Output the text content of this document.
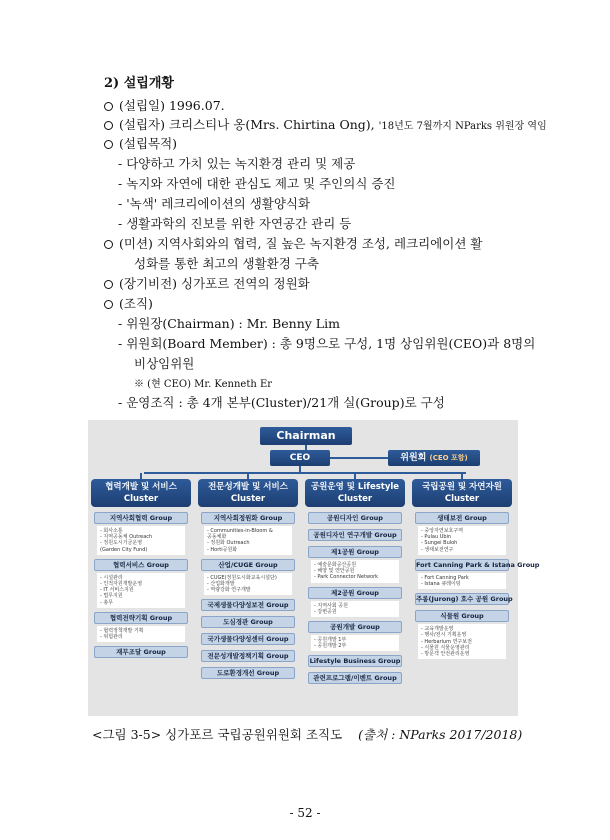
2) 설립개황
(설립일) 1996.07.
(설립자) 크리스티나 옹(Mrs. Chirtina Ong), '18년도 7월까지 NParks 위원장 역임
(설립목적)
- 다양하고 가치 있는 녹지환경 관리 및 제공
- 녹지와 자연에 대한 관심도 제고 및 주인의식 증진
- '녹색' 레크리에이션의 생활양식화
- 생활과학의 진보를 위한 자연공간 관리 등
(미션) 지역사회와의 협력, 질 높은 녹지환경 조성, 레크리에이션 활
성화를 통한 최고의 생활환경 구축
(장기비전) 싱가포르 전역의 정원화
(조직)
- 위원장(Chairman) : Mr. Benny Lim
- 위원회(Board Member) : 총 9명으로 구성, 1명 상임위원(CEO)과 8명의
비상임위원
※ (현 CEO) Mr. Kenneth Er
- 운영조직 : 총 4개 본부(Cluster)/21개 실(Group)로 구성
Chairman
CEO	위원회 (CEO 포함)
협력개발 및 서비스 Cluster
지역사회협력 Group
- 회사소통
- 지역공동체 Outreach
- 정원도시기금운영
(Garden City Fund)
협력서비스 Group
- 시설관리
- 인적자원개발운영
- IT 서비스지원
- 법무지원
- 총무
협력전략기획 Group
- 협력정책개발 기획
- 위험관리
재무조달 Group
전문성개발 및 서비스 Cluster
지역사회정원화 Group
- Communities-in-Bloom &
공동체화
- 정원화 Outreach
- Horti공원화
산업/CUGE Group
- CUGE(정원도시화교육시설단)
- 산업화개발
- 역량강화 연구개발
국제생물다양성보전 Group
도심경관 Group
국가생물다양성센터 Group
전문성개발정책기획 Group
도로환경개선 Group
공원운영 및 Lifestyle Cluster
공원디자인 Group
공원디자인 연구개발 Group
제1공원 Group
- 예술문화공산공원
- 해양 및 연안공원
- Park Connector Network
제2공원 Group
- 지역사회 공원
- 강변공원
공원개발 Group
- 공원개발 1부
- 공원개발 2부
Lifestyle Business Group
관련프로그램/이벤트 Group
국립공원 및 자연자원 Cluster
생태보전 Group
- 중앙자연보호구역
- Pulau Ubin
- Sungei Buloh
- 생태보전연구
Fort Canning Park & Istana Group
- Fort Canning Park
- Istana 큐레이팅
주롱(Jurong) 호수 공원 Group
식물원 Group
- 교육개발운영
- 행사/전시 기획운영
- Herbarium 연구보전
- 식물원 식물운영관리
- 방문객 안전관리운영
<그림 3-5> 싱가포르 국립공원위원회 조직도 (출처 : NParks 2017/2018)
- 52 -
